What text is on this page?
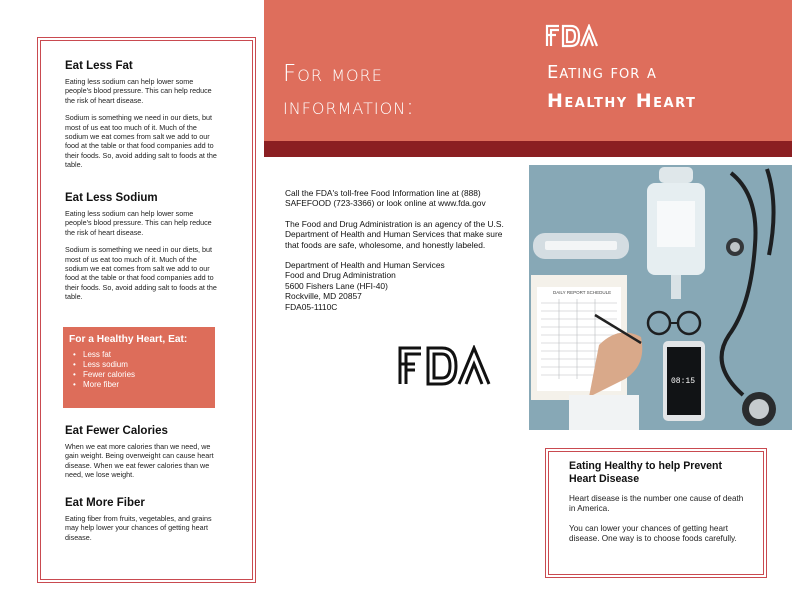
Eat Less Fat

Eating less sodium can help lower some people's blood pressure. This can help reduce the risk of heart disease.

Sodium is something we need in our diets, but most of us eat too much of it. Much of the sodium we eat comes from salt we add to our food at the table or that food companies add to their foods. So, avoid adding salt to foods at the table.

Eat Less Sodium

Eating less sodium can help lower some people's blood pressure. This can help reduce the risk of heart disease.

Sodium is something we need in our diets, but most of us eat too much of it. Much of the sodium we eat comes from salt we add to our food at the table or that food companies add to their foods. So, avoid adding salt to foods at the table.

For a Healthy Heart, Eat:
• Less fat
• Less sodium
• Fewer calories
• More fiber
Eat Fewer Calories

When we eat more calories than we need, we gain weight. Being overweight can cause heart disease. When we eat fewer calories than we need, we lose weight.

Eat More Fiber

Eating fiber from fruits, vegetables, and grains may help lower your chances of getting heart disease.

For more
information:
Eating for a
Healthy Heart

Call the FDA's toll-free Food Information line at (888) SAFEFOOD (723-3366) or look online at www.fda.gov

The Food and Drug Administration is an agency of the U.S. Department of Health and Human Services that make sure that foods are safe, wholesome, and honestly labeled.

Department of Health and Human Services
Food and Drug Administration
5600 Fishers Lane (HFI-40)
Rockville, MD 20857
FDA05-1110C
DAILY REPORT SCHEDULE
08:15
Eating Healthy to help Prevent Heart Disease

Heart disease is the number one cause of death in America.

You can lower your chances of getting heart disease. One way is to choose foods carefully.
